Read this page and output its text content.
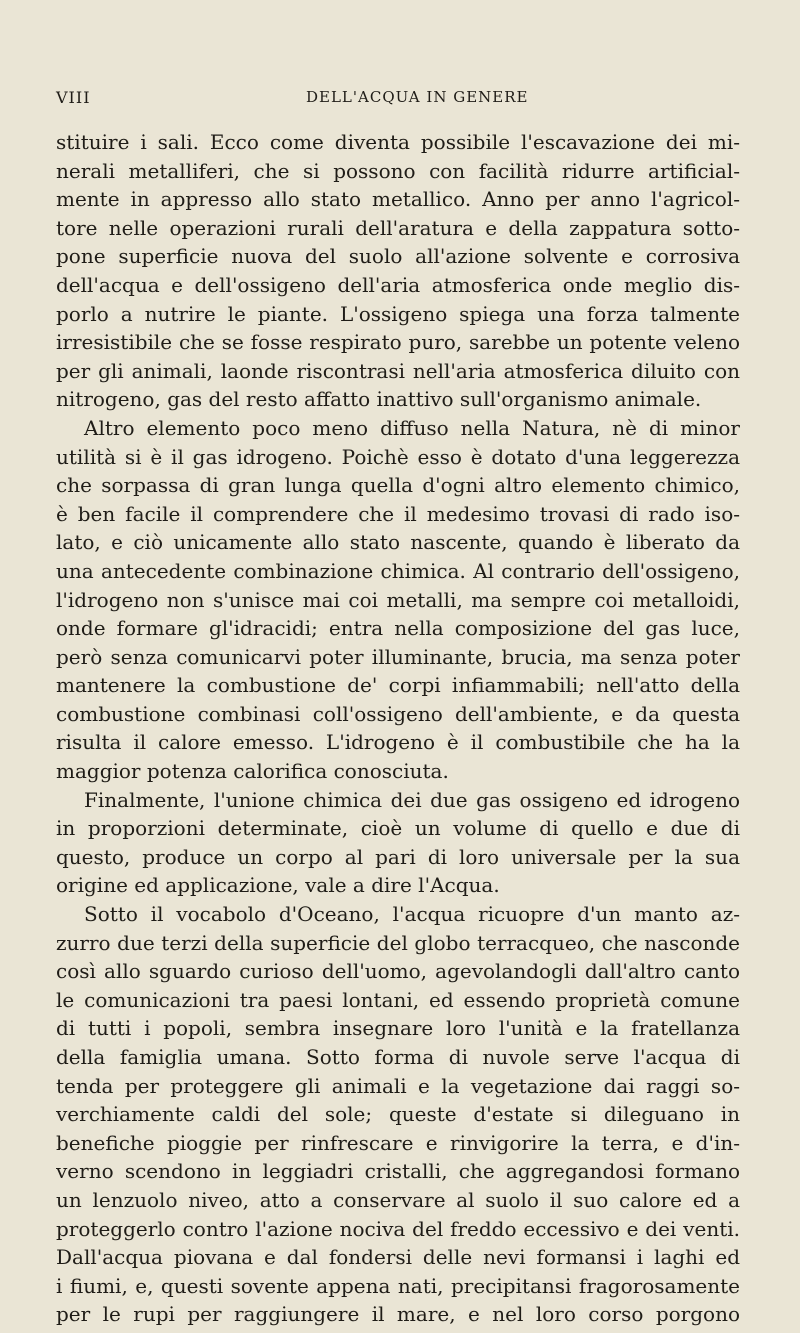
VIII	DELL'ACQUA IN GENERE
stituire i sali. Ecco come diventa possibile l'escavazione dei mi-
nerali metalliferi, che si possono con facilità ridurre artificial-
mente in appresso allo stato metallico. Anno per anno l'agricol-
tore nelle operazioni rurali dell'aratura e della zappatura sotto-
pone superficie nuova del suolo all'azione solvente e corrosiva
dell'acqua e dell'ossigeno dell'aria atmosferica onde meglio dis-
porlo a nutrire le piante. L'ossigeno spiega una forza talmente
irresistibile che se fosse respirato puro, sarebbe un potente veleno
per gli animali, laonde riscontrasi nell'aria atmosferica diluito con
nitrogeno, gas del resto affatto inattivo sull'organismo animale.
Altro elemento poco meno diffuso nella Natura, nè di minor
utilità si è il gas idrogeno. Poichè esso è dotato d'una leggerezza
che sorpassa di gran lunga quella d'ogni altro elemento chimico,
è ben facile il comprendere che il medesimo trovasi di rado iso-
lato, e ciò unicamente allo stato nascente, quando è liberato da
una antecedente combinazione chimica. Al contrario dell'ossigeno,
l'idrogeno non s'unisce mai coi metalli, ma sempre coi metalloidi,
onde formare gl'idracidi; entra nella composizione del gas luce,
però senza comunicarvi poter illuminante, brucia, ma senza poter
mantenere la combustione de' corpi infiammabili; nell'atto della
combustione combinasi coll'ossigeno dell'ambiente, e da questa
risulta il calore emesso. L'idrogeno è il combustibile che ha la
maggior potenza calorifica conosciuta.
Finalmente, l'unione chimica dei due gas ossigeno ed idrogeno
in proporzioni determinate, cioè un volume di quello e due di
questo, produce un corpo al pari di loro universale per la sua
origine ed applicazione, vale a dire l'Acqua.
Sotto il vocabolo d'Oceano, l'acqua ricuopre d'un manto az-
zurro due terzi della superficie del globo terracqueo, che nasconde
così allo sguardo curioso dell'uomo, agevolandogli dall'altro canto
le comunicazioni tra paesi lontani, ed essendo proprietà comune
di tutti i popoli, sembra insegnare loro l'unità e la fratellanza
della famiglia umana. Sotto forma di nuvole serve l'acqua di
tenda per proteggere gli animali e la vegetazione dai raggi so-
verchiamente caldi del sole; queste d'estate si dileguano in
benefiche pioggie per rinfrescare e rinvigorire la terra, e d'in-
verno scendono in leggiadri cristalli, che aggregandosi formano
un lenzuolo niveo, atto a conservare al suolo il suo calore ed a
proteggerlo contro l'azione nociva del freddo eccessivo e dei venti.
Dall'acqua piovana e dal fondersi delle nevi formansi i laghi ed
i fiumi, e, questi sovente appena nati, precipitansi fragorosamente
per le rupi per raggiungere il mare, e nel loro corso porgono
